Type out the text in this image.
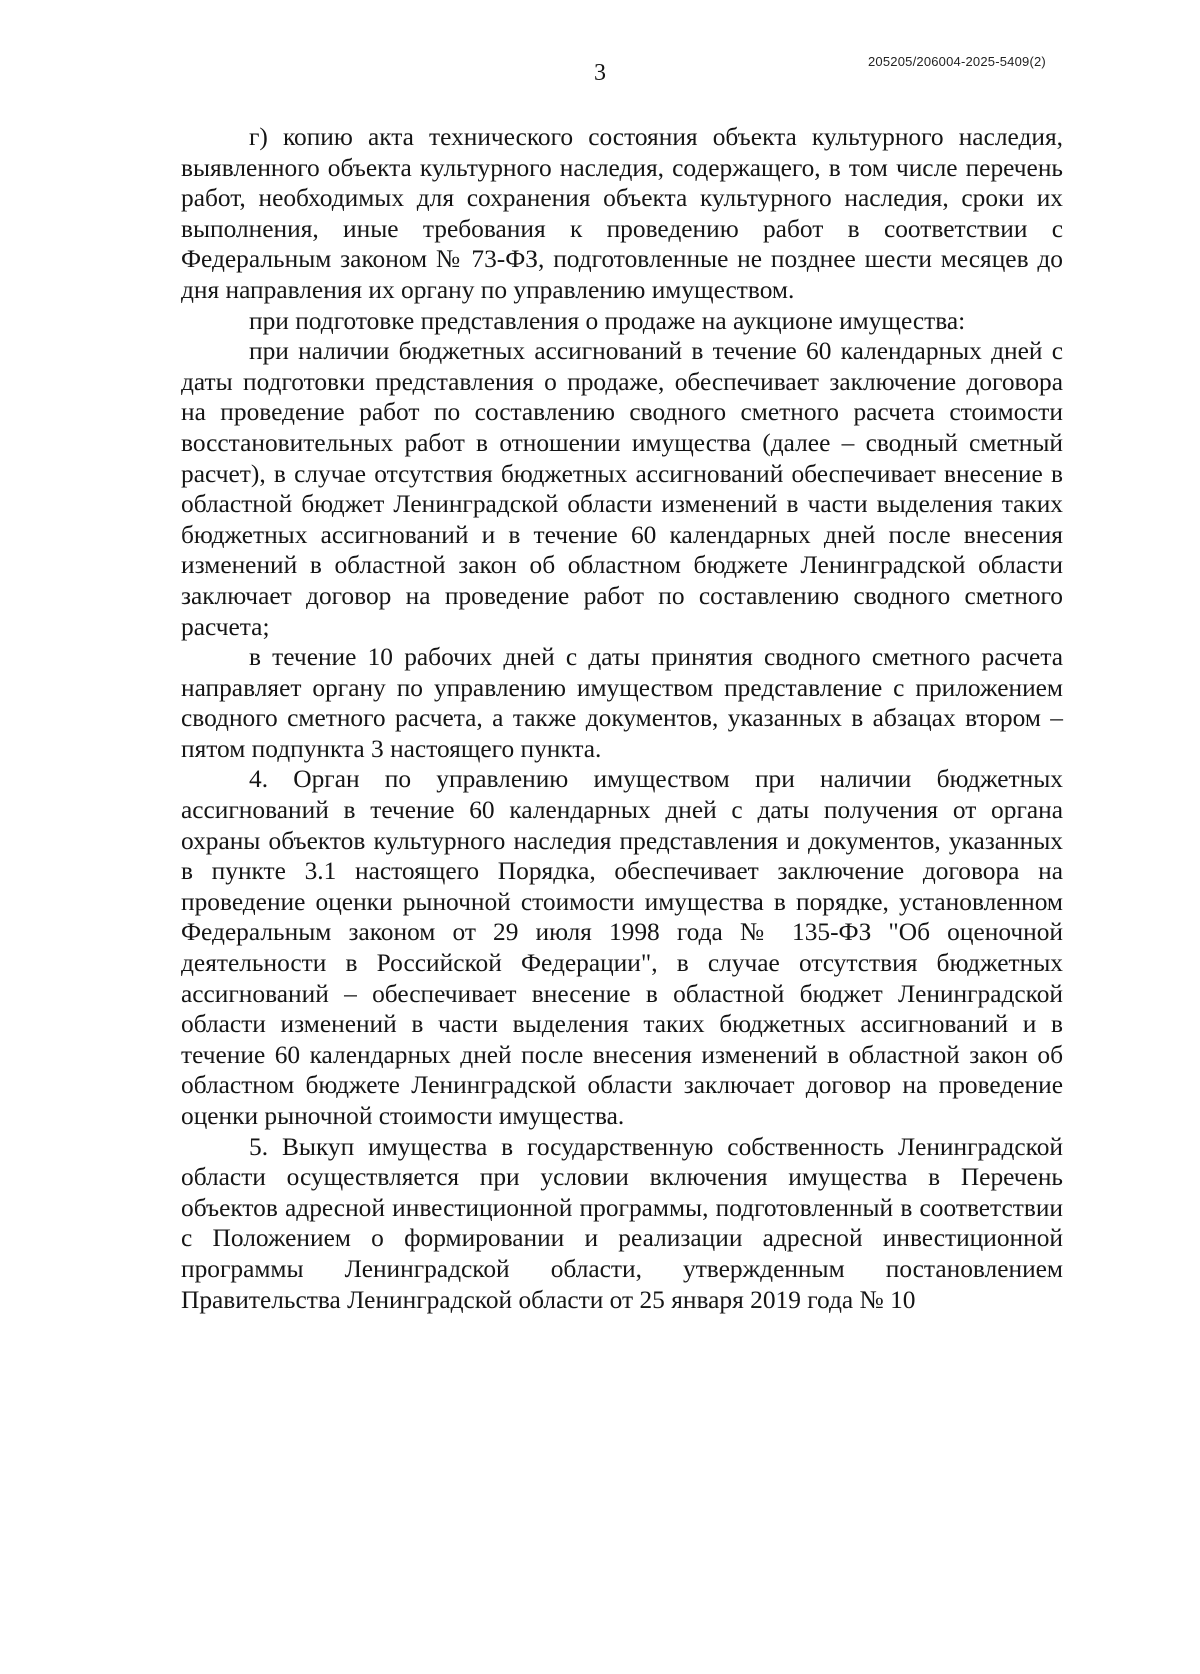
205205/206004-2025-5409(2)
3

г) копию акта технического состояния объекта культурного наследия, выявленного объекта культурного наследия, содержащего, в том числе перечень работ, необходимых для сохранения объекта культурного наследия, сроки их выполнения, иные требования к проведению работ в соответствии с Федеральным законом № 73-ФЗ, подготовленные не позднее шести месяцев до дня направления их органу по управлению имуществом.

при подготовке представления о продаже на аукционе имущества:

при наличии бюджетных ассигнований в течение 60 календарных дней с даты подготовки представления о продаже, обеспечивает заключение договора на проведение работ по составлению сводного сметного расчета стоимости восстановительных работ в отношении имущества (далее – сводный сметный расчет), в случае отсутствия бюджетных ассигнований обеспечивает внесение в областной бюджет Ленинградской области изменений в части выделения таких бюджетных ассигнований и в течение 60 календарных дней после внесения изменений в областной закон об областном бюджете Ленинградской области заключает договор на проведение работ по составлению сводного сметного расчета;

в течение 10 рабочих дней с даты принятия сводного сметного расчета направляет органу по управлению имуществом представление с приложением сводного сметного расчета, а также документов, указанных в абзацах втором – пятом подпункта 3 настоящего пункта.

4. Орган по управлению имуществом при наличии бюджетных ассигнований в течение 60 календарных дней с даты получения от органа охраны объектов культурного наследия представления и документов, указанных в пункте 3.1 настоящего Порядка, обеспечивает заключение договора на проведение оценки рыночной стоимости имущества в порядке, установленном Федеральным законом от 29 июля 1998 года № 135-ФЗ "Об оценочной деятельности в Российской Федерации", в случае отсутствия бюджетных ассигнований – обеспечивает внесение в областной бюджет Ленинградской области изменений в части выделения таких бюджетных ассигнований и в течение 60 календарных дней после внесения изменений в областной закон об областном бюджете Ленинградской области заключает договор на проведение оценки рыночной стоимости имущества.

5. Выкуп имущества в государственную собственность Ленинградской области осуществляется при условии включения имущества в Перечень объектов адресной инвестиционной программы, подготовленный в соответствии с Положением о формировании и реализации адресной инвестиционной программы Ленинградской области, утвержденным постановлением Правительства Ленинградской области от 25 января 2019 года № 10
